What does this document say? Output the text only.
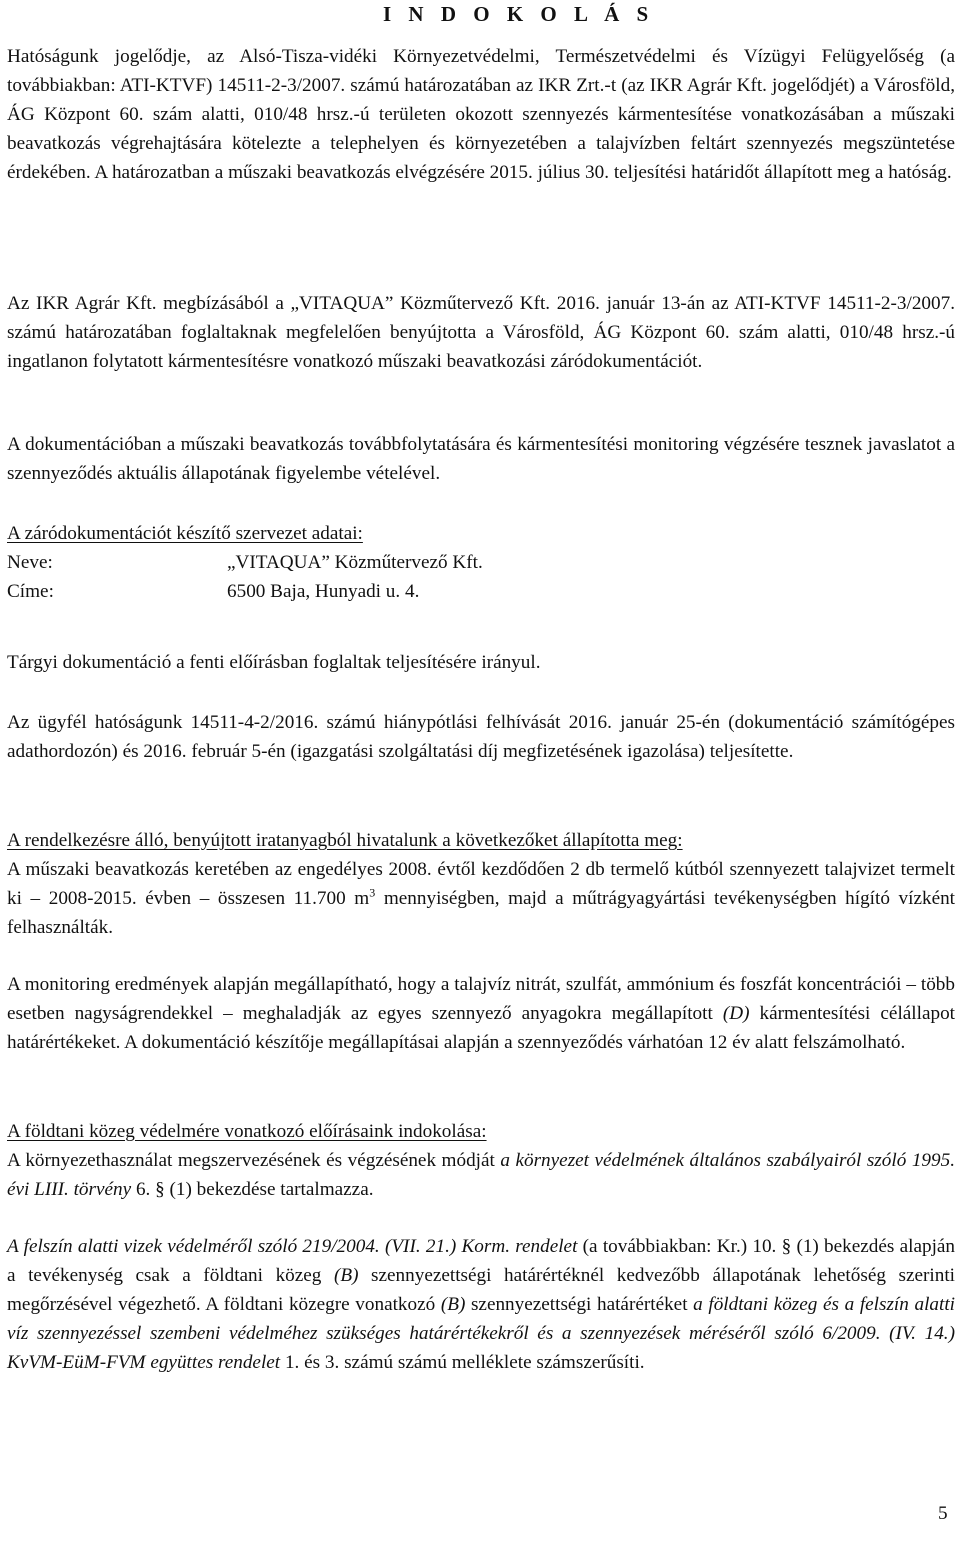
I N D O K O L Á S

Hatóságunk jogelődje, az Alsó-Tisza-vidéki Környezetvédelmi, Természetvédelmi és Vízügyi Felügyelőség (a továbbiakban: ATI-KTVF) 14511-2-3/2007. számú határozatában az IKR Zrt.-t (az IKR Agrár Kft. jogelődjét) a Városföld, ÁG Központ 60. szám alatti, 010/48 hrsz.-ú területen okozott szennyezés kármentesítése vonatkozásában a műszaki beavatkozás végrehajtására kötelezte a telephelyen és környezetében a talajvízben feltárt szennyezés megszüntetése érdekében. A határozatban a műszaki beavatkozás elvégzésére 2015. július 30. teljesítési határidőt állapított meg a hatóság.

Az IKR Agrár Kft. megbízásából a „VITAQUA” Közműtervező Kft. 2016. január 13-án az ATI-KTVF 14511-2-3/2007. számú határozatában foglaltaknak megfelelően benyújtotta a Városföld, ÁG Központ 60. szám alatti, 010/48 hrsz.-ú ingatlanon folytatott kármentesítésre vonatkozó műszaki beavatkozási záródokumentációt.

A dokumentációban a műszaki beavatkozás továbbfolytatására és kármentesítési monitoring végzésére tesznek javaslatot a szennyeződés aktuális állapotának figyelembe vételével.

A záródokumentációt készítő szervezet adatai:
Neve:	„VITAQUA” Közműtervező Kft.
Címe:	6500 Baja, Hunyadi u. 4.

Tárgyi dokumentáció a fenti előírásban foglaltak teljesítésére irányul.

Az ügyfél hatóságunk 14511-4-2/2016. számú hiánypótlási felhívását 2016. január 25-én (dokumentáció számítógépes adathordozón) és 2016. február 5-én (igazgatási szolgáltatási díj megfizetésének igazolása) teljesítette.

A rendelkezésre álló, benyújtott iratanyagból hivatalunk a következőket állapította meg:
A műszaki beavatkozás keretében az engedélyes 2008. évtől kezdődően 2 db termelő kútból szennyezett talajvizet termelt ki – 2008-2015. évben – összesen 11.700 $m^3$ mennyiségben, majd a műtrágyagyártási tevékenységben hígító vízként felhasználták.

A monitoring eredmények alapján megállapítható, hogy a talajvíz nitrát, szulfát, ammónium és foszfát koncentrációi – több esetben nagyságrendekkel – meghaladják az egyes szennyező anyagokra megállapított (D) kármentesítési célállapot határértékeket. A dokumentáció készítője megállapításai alapján a szennyeződés várhatóan 12 év alatt felszámolható.

A földtani közeg védelmére vonatkozó előírásaink indokolása:
A környezethasználat megszervezésének és végzésének módját a környezet védelmének általános szabályairól szóló 1995. évi LIII. törvény 6. § (1) bekezdése tartalmazza.

A felszín alatti vizek védelméről szóló 219/2004. (VII. 21.) Korm. rendelet (a továbbiakban: Kr.) 10. § (1) bekezdés alapján a tevékenység csak a földtani közeg (B) szennyezettségi határértéknél kedvezőbb állapotának lehetőség szerinti megőrzésével végezhető. A földtani közegre vonatkozó (B) szennyezettségi határértéket a földtani közeg és a felszín alatti víz szennyezéssel szembeni védelméhez szükséges határértékekről és a szennyezések méréséről szóló 6/2009. (IV. 14.) KvVM-EüM-FVM együttes rendelet 1. és 3. számú számú melléklete számszerűsíti.

5
